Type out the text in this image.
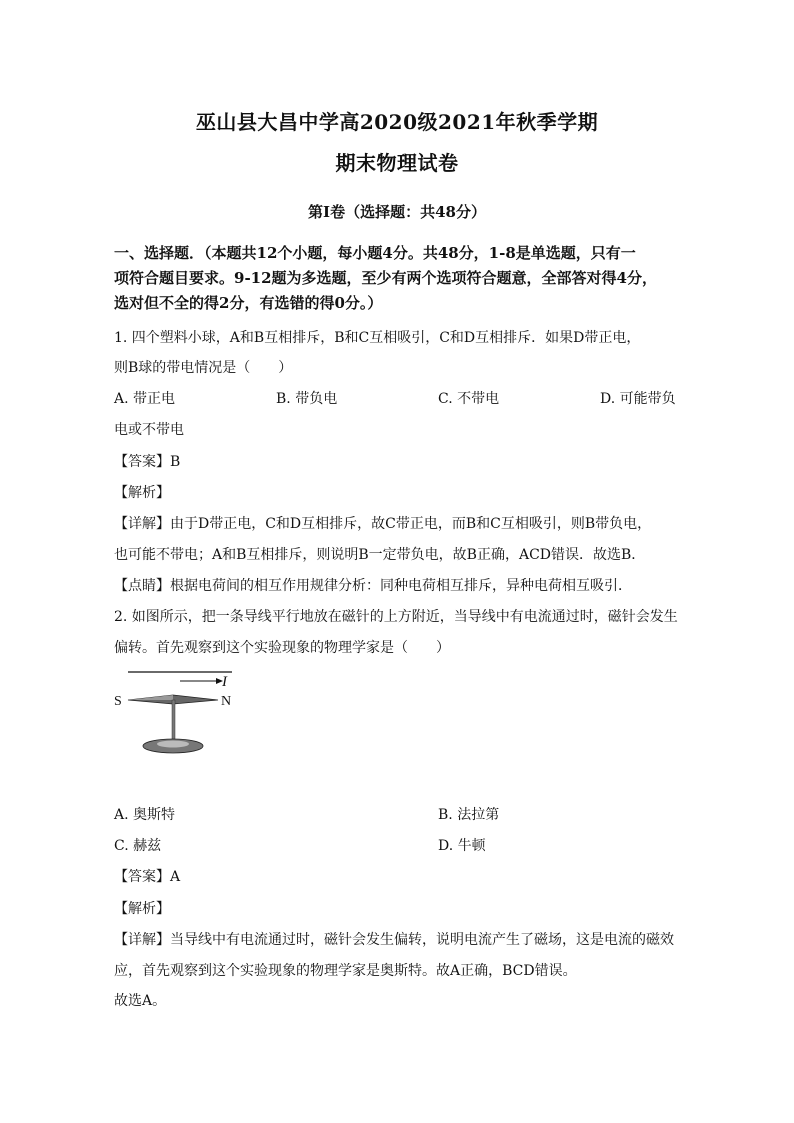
巫山县大昌中学高2020级2021年秋季学期
期末物理试卷
第I卷（选择题：共48分）
一、选择题．（本题共12个小题，每小题4分。共48分，1-8是单选题，只有一
项符合题目要求。9-12题为多选题，至少有两个选项符合题意，全部答对得4分，
选对但不全的得2分，有选错的得0分。）
1. 四个塑料小球，A和B互相排斥，B和C互相吸引，C和D互相排斥．如果D带正电，
则B球的带电情况是（　　）
A. 带正电	B. 带负电	C. 不带电	D. 可能带负
电或不带电
【答案】B
【解析】
【详解】由于D带正电，C和D互相排斥，故C带正电，而B和C互相吸引，则B带负电，
也可能不带电；A和B互相排斥，则说明B一定带负电，故B正确，ACD错误．故选B．
【点睛】根据电荷间的相互作用规律分析：同种电荷相互排斥，异种电荷相互吸引．
2. 如图所示，把一条导线平行地放在磁针的上方附近，当导线中有电流通过时，磁针会发生
偏转。首先观察到这个实验现象的物理学家是（　　）
I
S	N
A. 奥斯特	B. 法拉第
C. 赫兹	D. 牛顿
【答案】A
【解析】
【详解】当导线中有电流通过时，磁针会发生偏转，说明电流产生了磁场，这是电流的磁效
应，首先观察到这个实验现象的物理学家是奥斯特。故A正确，BCD错误。
故选A。
